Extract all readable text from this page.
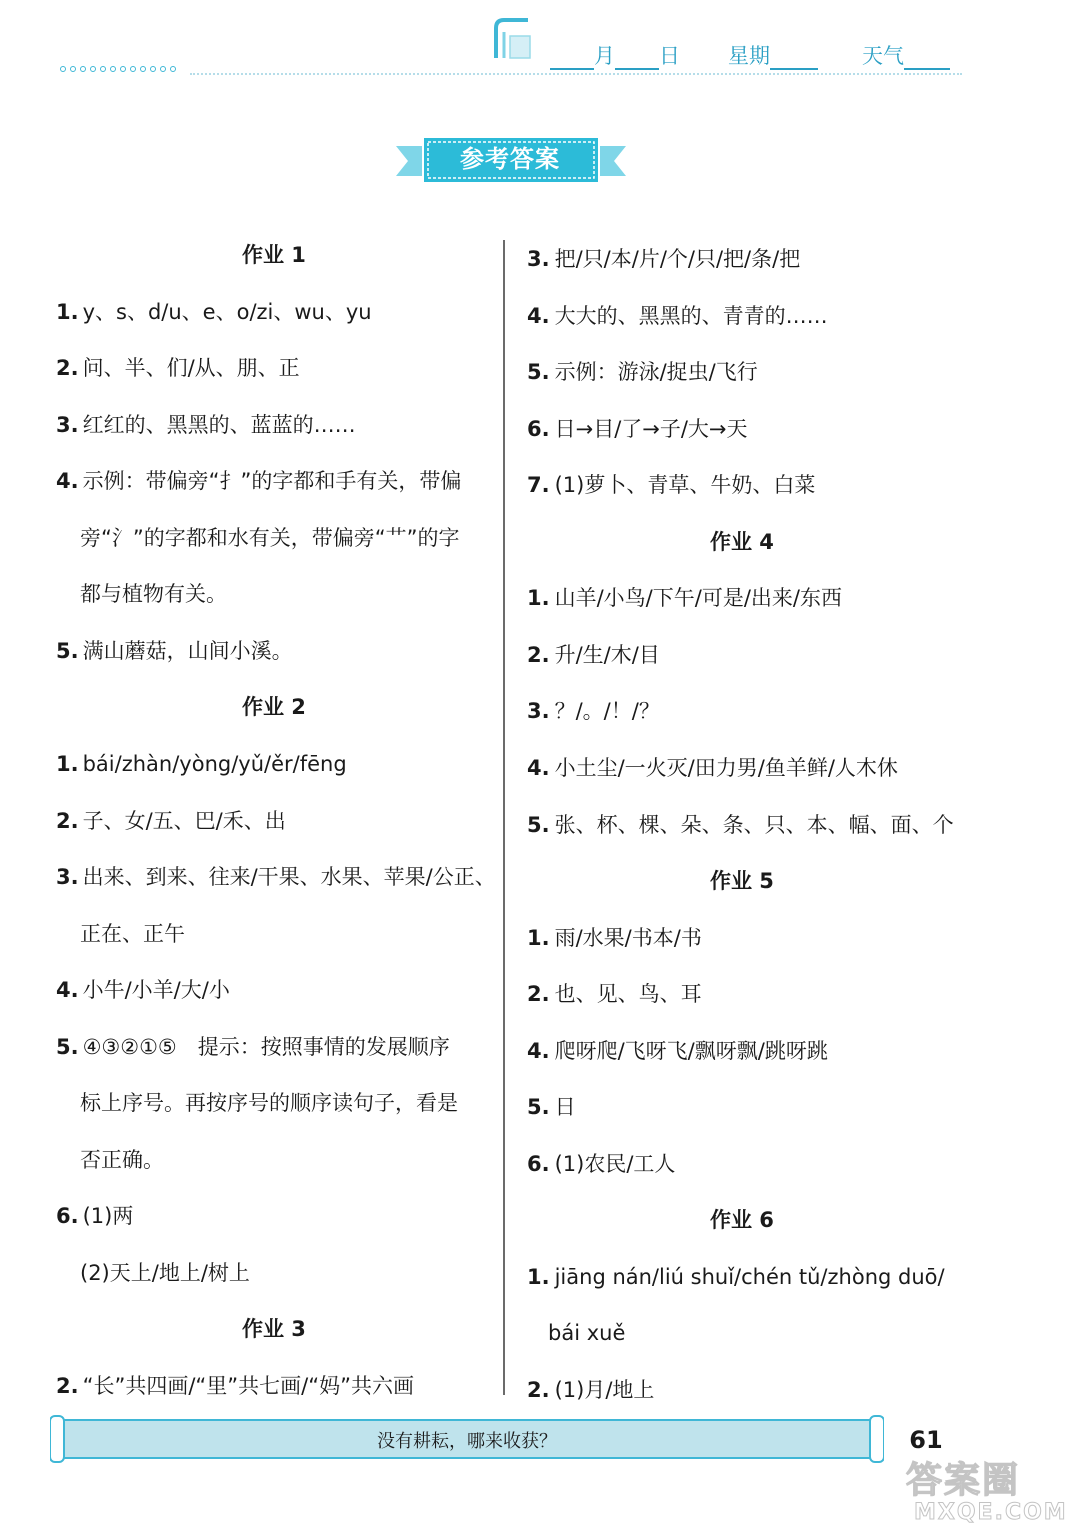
月 日 星期	天气
参考答案
作业 1
1. y、s、d/u、e、o/zi、wu、yu
2. 问、半、们/从、朋、正
3. 红红的、黑黑的、蓝蓝的……
4. 示例：带偏旁“扌”的字都和手有关，带偏
旁“氵”的字都和水有关，带偏旁“艹”的字
都与植物有关。
5. 满山蘑菇，山间小溪。
作业 2
1. bái/zhàn/yòng/yǔ/ěr/fēng
2. 子、女/五、巴/禾、出
3. 出来、到来、往来/干果、水果、苹果/公正、
正在、正午
4. 小牛/小羊/大/小
5. ④③②①⑤　提示：按照事情的发展顺序
标上序号。再按序号的顺序读句子，看是
否正确。
6. (1)两
(2)天上/地上/树上
作业 3
2. “长”共四画/“里”共七画/“妈”共六画
3. 把/只/本/片/个/只/把/条/把
4. 大大的、黑黑的、青青的……
5. 示例：游泳/捉虫/飞行
6. 日→目/了→子/大→天
7. (1)萝卜、青草、牛奶、白菜
作业 4
1. 山羊/小鸟/下午/可是/出来/东西
2. 升/生/木/目
3. ？/。/！/？
4. 小土尘/一火灭/田力男/鱼羊鲜/人木休
5. 张、杯、棵、朵、条、只、本、幅、面、个
作业 5
1. 雨/水果/书本/书
2. 也、见、鸟、耳
4. 爬呀爬/飞呀飞/飘呀飘/跳呀跳
5. 日
6. (1)农民/工人
作业 6
1. jiāng nán/liú shuǐ/chén tǔ/zhòng duō/
bái xuě
2. (1)月/地上
没有耕耘，哪来收获？	61
答案圈
MXQE.COM
